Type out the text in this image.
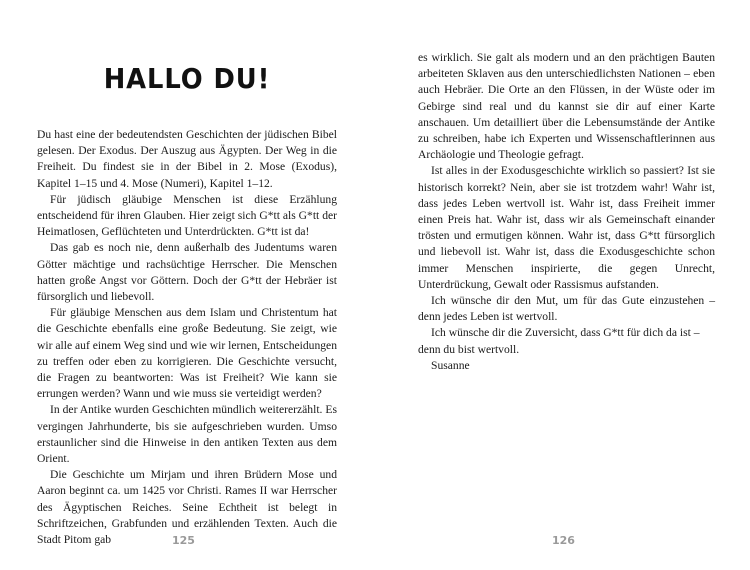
HALLO DU!

Du hast eine der bedeutendsten Geschichten der jüdischen Bibel gelesen. Der Exodus. Der Auszug aus Ägypten. Der Weg in die Freiheit. Du findest sie in der Bibel in 2. Mose (Exodus), Kapitel 1–15 und 4. Mose (Numeri), Kapitel 1–12.

Für jüdisch gläubige Menschen ist diese Erzählung entscheidend für ihren Glauben. Hier zeigt sich G*tt als G*tt der Heimatlosen, Geflüchteten und Unterdrückten. G*tt ist da!

Das gab es noch nie, denn außerhalb des Judentums waren Götter mächtige und rachsüchtige Herrscher. Die Menschen hatten große Angst vor Göttern. Doch der G*tt der Hebräer ist fürsorglich und liebevoll.

Für gläubige Menschen aus dem Islam und Christentum hat die Geschichte ebenfalls eine große Bedeutung. Sie zeigt, wie wir alle auf einem Weg sind und wie wir lernen, Entscheidungen zu treffen oder eben zu korrigieren. Die Geschichte versucht, die Fragen zu beantworten: Was ist Freiheit? Wie kann sie errungen werden? Wann und wie muss sie verteidigt werden?

In der Antike wurden Geschichten mündlich weitererzählt. Es vergingen Jahrhunderte, bis sie aufgeschrieben wurden. Umso erstaunlicher sind die Hinweise in den antiken Texten aus dem Orient.

Die Geschichte um Mirjam und ihren Brüdern Mose und Aaron beginnt ca. um 1425 vor Christi. Rames II war Herrscher des Ägyptischen Reiches. Seine Echtheit ist belegt in Schriftzeichen, Grabfunden und erzählenden Texten. Auch die Stadt Pitom gab	125

es wirklich. Sie galt als modern und an den prächtigen Bauten arbeiteten Sklaven aus den unterschiedlichsten Nationen – eben auch Hebräer. Die Orte an den Flüssen, in der Wüste oder im Gebirge sind real und du kannst sie dir auf einer Karte anschauen. Um detailliert über die Lebensumstände der Antike zu schreiben, habe ich Experten und Wissenschaftlerinnen aus Archäologie und Theologie gefragt.

Ist alles in der Exodusgeschichte wirklich so passiert? Ist sie historisch korrekt? Nein, aber sie ist trotzdem wahr! Wahr ist, dass jedes Leben wertvoll ist. Wahr ist, dass Freiheit immer einen Preis hat. Wahr ist, dass wir als Gemeinschaft einander trösten und ermutigen können. Wahr ist, dass G*tt fürsorglich und liebevoll ist. Wahr ist, dass die Exodusgeschichte schon immer Menschen inspirierte, die gegen Unrecht, Unterdrückung, Gewalt oder Rassismus aufstanden.

Ich wünsche dir den Mut, um für das Gute einzustehen – denn jedes Leben ist wertvoll.

Ich wünsche dir die Zuversicht, dass G*tt für dich da ist – denn du bist wertvoll.

Susanne

126
